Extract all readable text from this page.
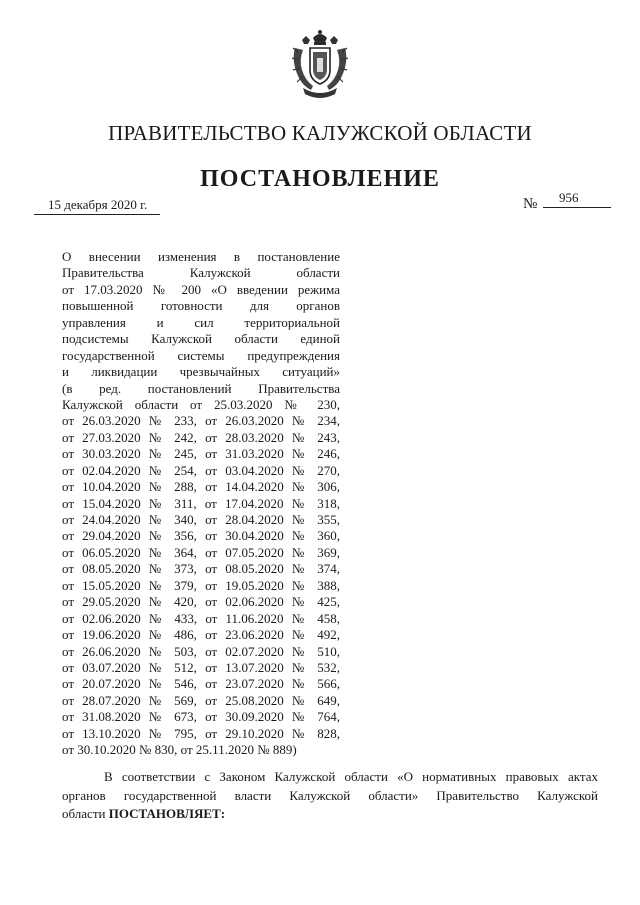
ПРАВИТЕЛЬСТВО КАЛУЖСКОЙ ОБЛАСТИ
ПОСТАНОВЛЕНИЕ
15 декабря 2020 г.	№	956
О внесении изменения в постановление
Правительства Калужской области
от 17.03.2020 № 200 «О введении режима
повышенной готовности для органов
управления и сил территориальной
подсистемы Калужской области единой
государственной системы предупреждения
и ликвидации чрезвычайных ситуаций»
(в ред. постановлений Правительства
Калужской области от 25.03.2020 № 230,
от 26.03.2020 № 233, от 26.03.2020 № 234,
от 27.03.2020 № 242, от 28.03.2020 № 243,
от 30.03.2020 № 245, от 31.03.2020 № 246,
от 02.04.2020 № 254, от 03.04.2020 № 270,
от 10.04.2020 № 288, от 14.04.2020 № 306,
от 15.04.2020 № 311, от 17.04.2020 № 318,
от 24.04.2020 № 340, от 28.04.2020 № 355,
от 29.04.2020 № 356, от 30.04.2020 № 360,
от 06.05.2020 № 364, от 07.05.2020 № 369,
от 08.05.2020 № 373, от 08.05.2020 № 374,
от 15.05.2020 № 379, от 19.05.2020 № 388,
от 29.05.2020 № 420, от 02.06.2020 № 425,
от 02.06.2020 № 433, от 11.06.2020 № 458,
от 19.06.2020 № 486, от 23.06.2020 № 492,
от 26.06.2020 № 503, от 02.07.2020 № 510,
от 03.07.2020 № 512, от 13.07.2020 № 532,
от 20.07.2020 № 546, от 23.07.2020 № 566,
от 28.07.2020 № 569, от 25.08.2020 № 649,
от 31.08.2020 № 673, от 30.09.2020 № 764,
от 13.10.2020 № 795, от 29.10.2020 № 828,
от 30.10.2020 № 830, от 25.11.2020 № 889)
В соответствии с Законом Калужской области «О нормативных правовых актах
органов государственной власти Калужской области» Правительство Калужской
области ПОСТАНОВЛЯЕТ:
